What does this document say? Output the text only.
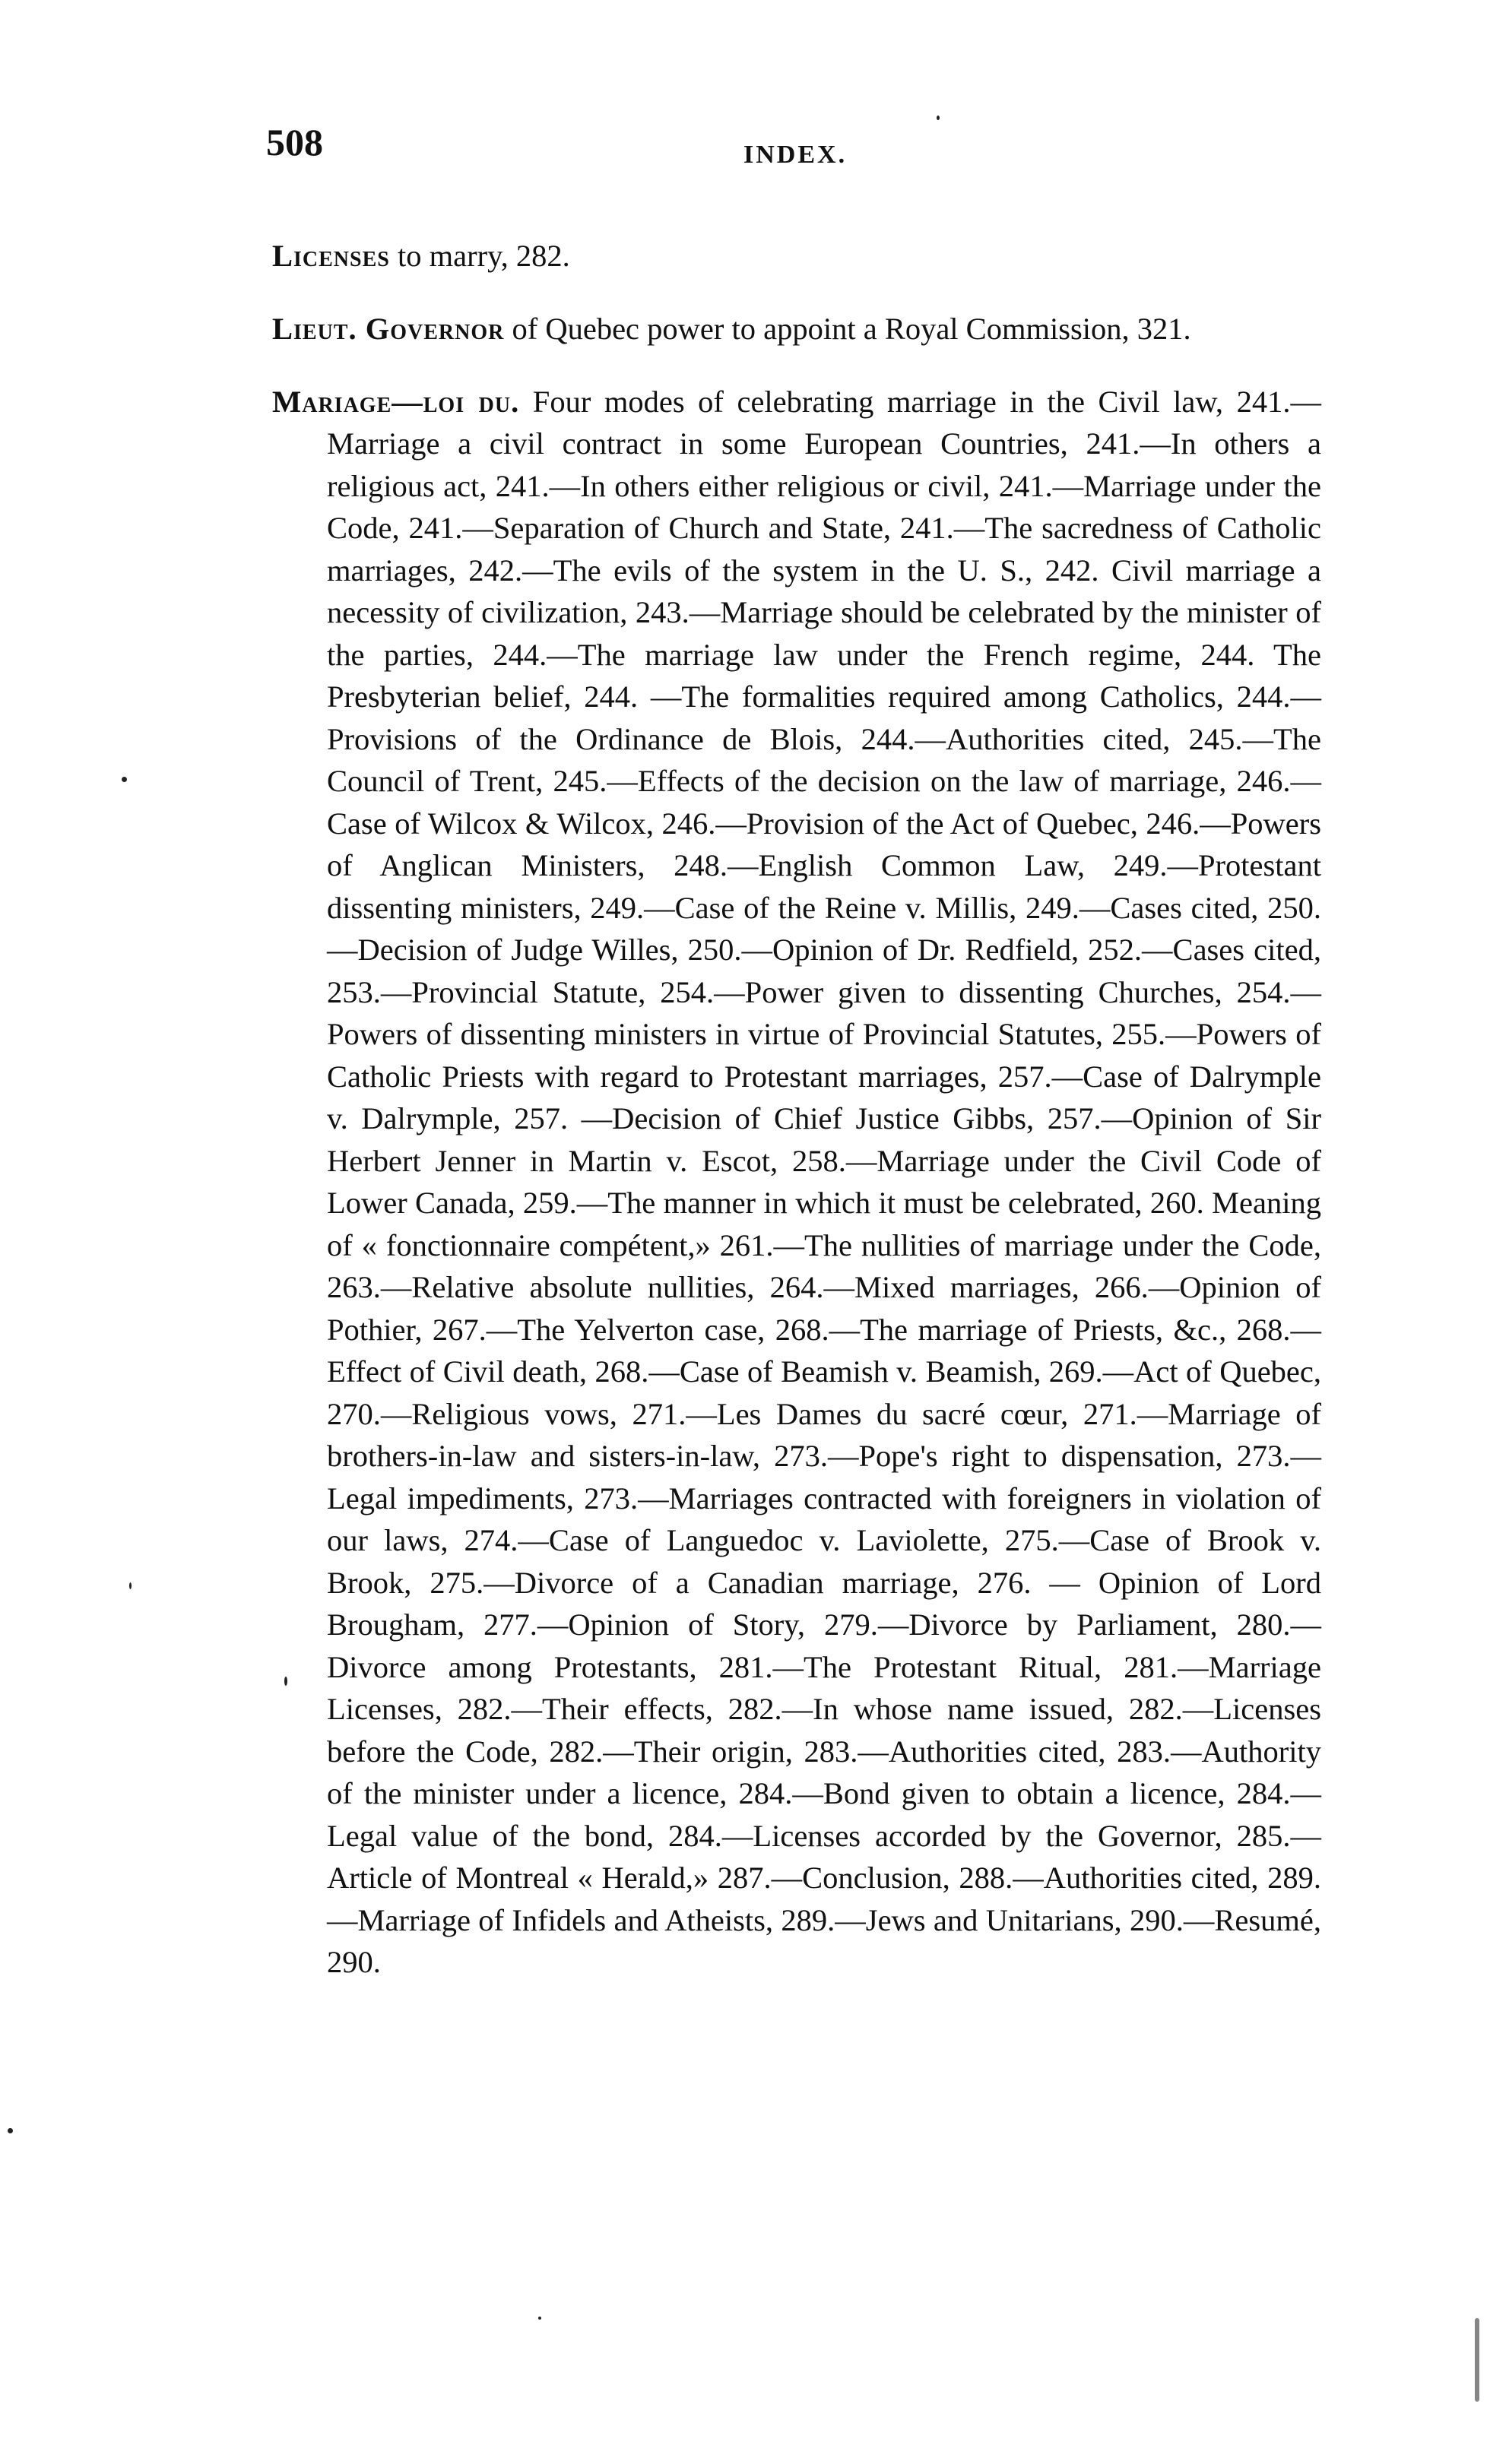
508	INDEX.

Licenses to marry, 282.

Lieut. Governor of Quebec power to appoint a Royal Commission, 321.

Mariage—loi du. Four modes of celebrating marriage in the Civil law, 241.—Marriage a civil contract in some European Countries, 241.—In others a religious act, 241.—In others either religious or civil, 241.—Marriage under the Code, 241.—Separation of Church and State, 241.—The sacredness of Catholic marriages, 242.—The evils of the system in the U. S., 242. Civil marriage a necessity of civilization, 243.—Marriage should be celebrated by the minister of the parties, 244.—The marriage law under the French regime, 244. The Presbyterian belief, 244. —The formalities required among Catholics, 244.—Provisions of the Ordinance de Blois, 244.—Authorities cited, 245.—The Council of Trent, 245.—Effects of the decision on the law of marriage, 246.—Case of Wilcox & Wilcox, 246.—Provision of the Act of Quebec, 246.—Powers of Anglican Ministers, 248.—English Common Law, 249.—Protestant dissenting ministers, 249.—Case of the Reine v. Millis, 249.—Cases cited, 250.—Decision of Judge Willes, 250.—Opinion of Dr. Redfield, 252.—Cases cited, 253.—Provincial Statute, 254.—Power given to dissenting Churches, 254.—Powers of dissenting ministers in virtue of Provincial Statutes, 255.—Powers of Catholic Priests with regard to Protestant marriages, 257.—Case of Dalrymple v. Dalrymple, 257. —Decision of Chief Justice Gibbs, 257.—Opinion of Sir Herbert Jenner in Martin v. Escot, 258.—Marriage under the Civil Code of Lower Canada, 259.—The manner in which it must be celebrated, 260. Meaning of « fonctionnaire compétent,» 261.—The nullities of marriage under the Code, 263.—Relative absolute nullities, 264.—Mixed marriages, 266.—Opinion of Pothier, 267.—The Yelverton case, 268.—The marriage of Priests, &c., 268.—Effect of Civil death, 268.—Case of Beamish v. Beamish, 269.—Act of Quebec, 270.—Religious vows, 271.—Les Dames du sacré cœur, 271.—Marriage of brothers-in-law and sisters-in-law, 273.—Pope's right to dispensation, 273.—Legal impediments, 273.—Marriages contracted with foreigners in violation of our laws, 274.—Case of Languedoc v. Laviolette, 275.—Case of Brook v. Brook, 275.—Divorce of a Canadian marriage, 276. — Opinion of Lord Brougham, 277.—Opinion of Story, 279.—Divorce by Parliament, 280.—Divorce among Protestants, 281.—The Protestant Ritual, 281.—Marriage Licenses, 282.—Their effects, 282.—In whose name issued, 282.—Licenses before the Code, 282.—Their origin, 283.—Authorities cited, 283.—Authority of the minister under a licence, 284.—Bond given to obtain a licence, 284.—Legal value of the bond, 284.—Licenses accorded by the Governor, 285.—Article of Montreal « Herald,» 287.—Conclusion, 288.—Authorities cited, 289.—Marriage of Infidels and Atheists, 289.—Jews and Unitarians, 290.—Resumé, 290.
